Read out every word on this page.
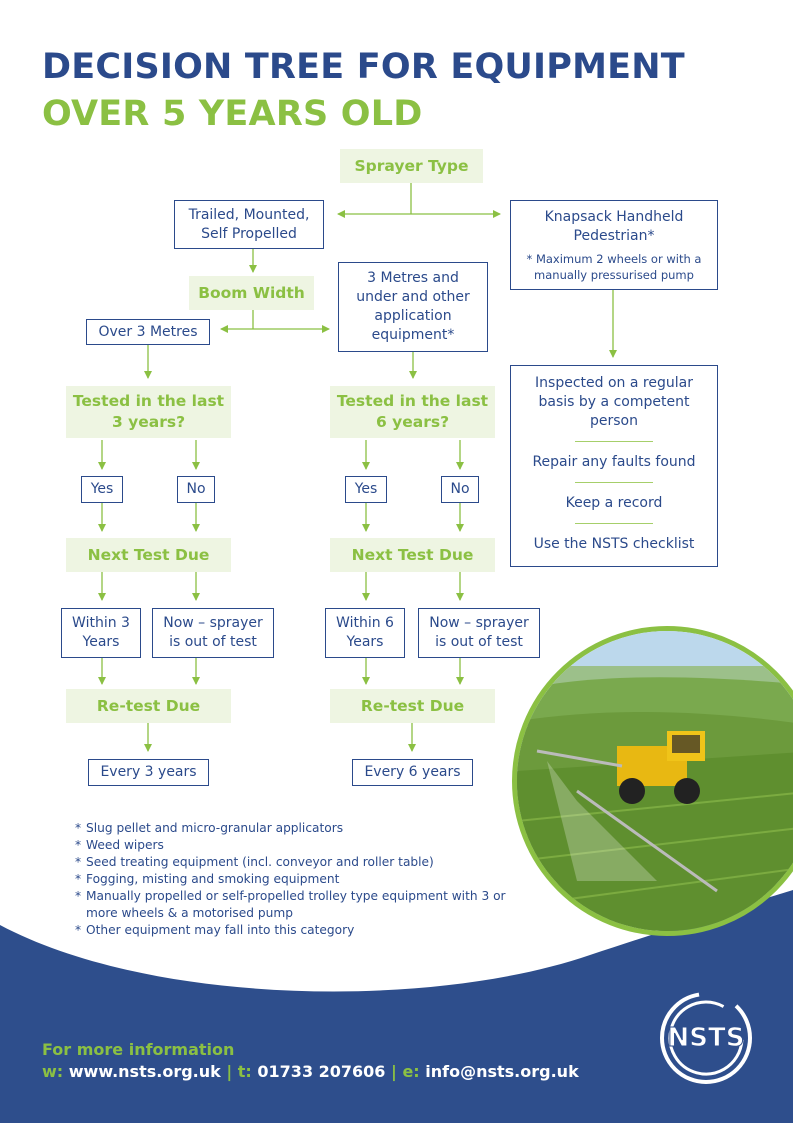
DECISION TREE FOR EQUIPMENT
OVER 5 YEARS OLD
Sprayer Type
Trailed, Mounted, Self Propelled
Knapsack Handheld Pedestrian*
* Maximum 2 wheels or with a manually pressurised pump
Boom Width
3 Metres and under and other application equipment*
Over 3 Metres
Inspected on a regular basis by a competent person
Repair any faults found
Keep a record
Use the NSTS checklist
Tested in the last 3 years?
Yes	No
Next Test Due
Within 3 Years
Now – sprayer is out of test
Re-test Due
Every 3 years
Tested in the last 6 years?
Yes	No
Next Test Due
Within 6 Years
Now – sprayer is out of test
Re-test Due
Every 6 years
* Slug pellet and micro-granular applicators
* Weed wipers
* Seed treating equipment (incl. conveyor and roller table)
* Fogging, misting and smoking equipment
* Manually propelled or self-propelled trolley type equipment with 3 or more wheels & a motorised pump
* Other equipment may fall into this category
For more information
w: www.nsts.org.uk | t: 01733 207606 | e: info@nsts.org.uk
NSTS
